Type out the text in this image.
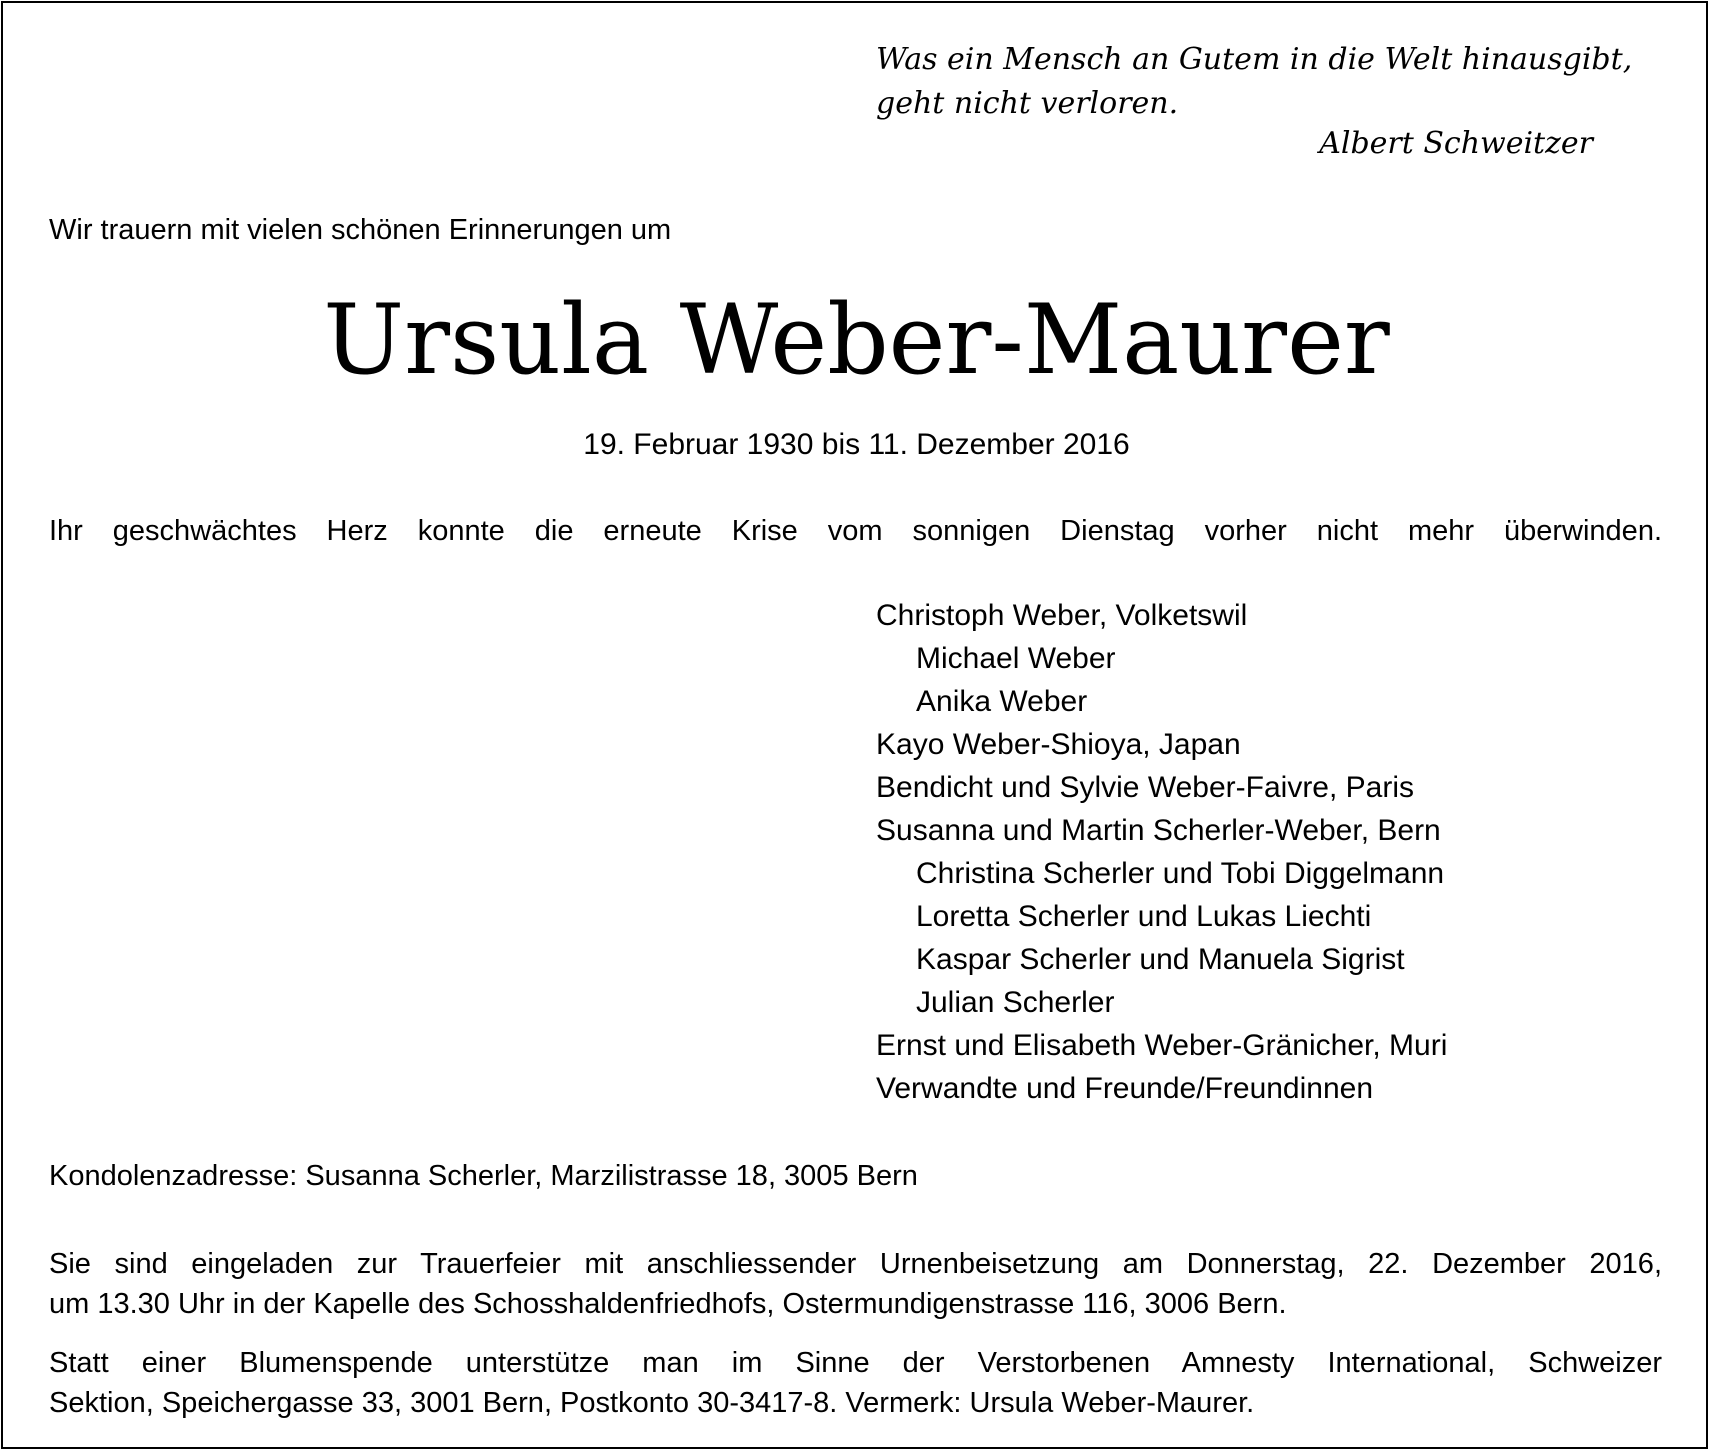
Was ein Mensch an Gutem in die Welt hinausgibt,
geht nicht verloren.
Albert Schweitzer
Wir trauern mit vielen schönen Erinnerungen um
Ursula Weber-Maurer
19. Februar 1930 bis 11. Dezember 2016
Ihr geschwächtes Herz konnte die erneute Krise vom sonnigen Dienstag vorher nicht mehr überwinden.
Christoph Weber, Volketswil
Michael Weber
Anika Weber
Kayo Weber-Shioya, Japan
Bendicht und Sylvie Weber-Faivre, Paris
Susanna und Martin Scherler-Weber, Bern
Christina Scherler und Tobi Diggelmann
Loretta Scherler und Lukas Liechti
Kaspar Scherler und Manuela Sigrist
Julian Scherler
Ernst und Elisabeth Weber-Gränicher, Muri
Verwandte und Freunde/Freundinnen
Kondolenzadresse: Susanna Scherler, Marzilistrasse 18, 3005 Bern
Sie sind eingeladen zur Trauerfeier mit anschliessender Urnenbeisetzung am Donnerstag, 22. Dezember 2016,
um 13.30 Uhr in der Kapelle des Schosshaldenfriedhofs, Ostermundigenstrasse 116, 3006 Bern.
Statt einer Blumenspende unterstütze man im Sinne der Verstorbenen Amnesty International, Schweizer
Sektion, Speichergasse 33, 3001 Bern, Postkonto 30-3417-8. Vermerk: Ursula Weber-Maurer.
